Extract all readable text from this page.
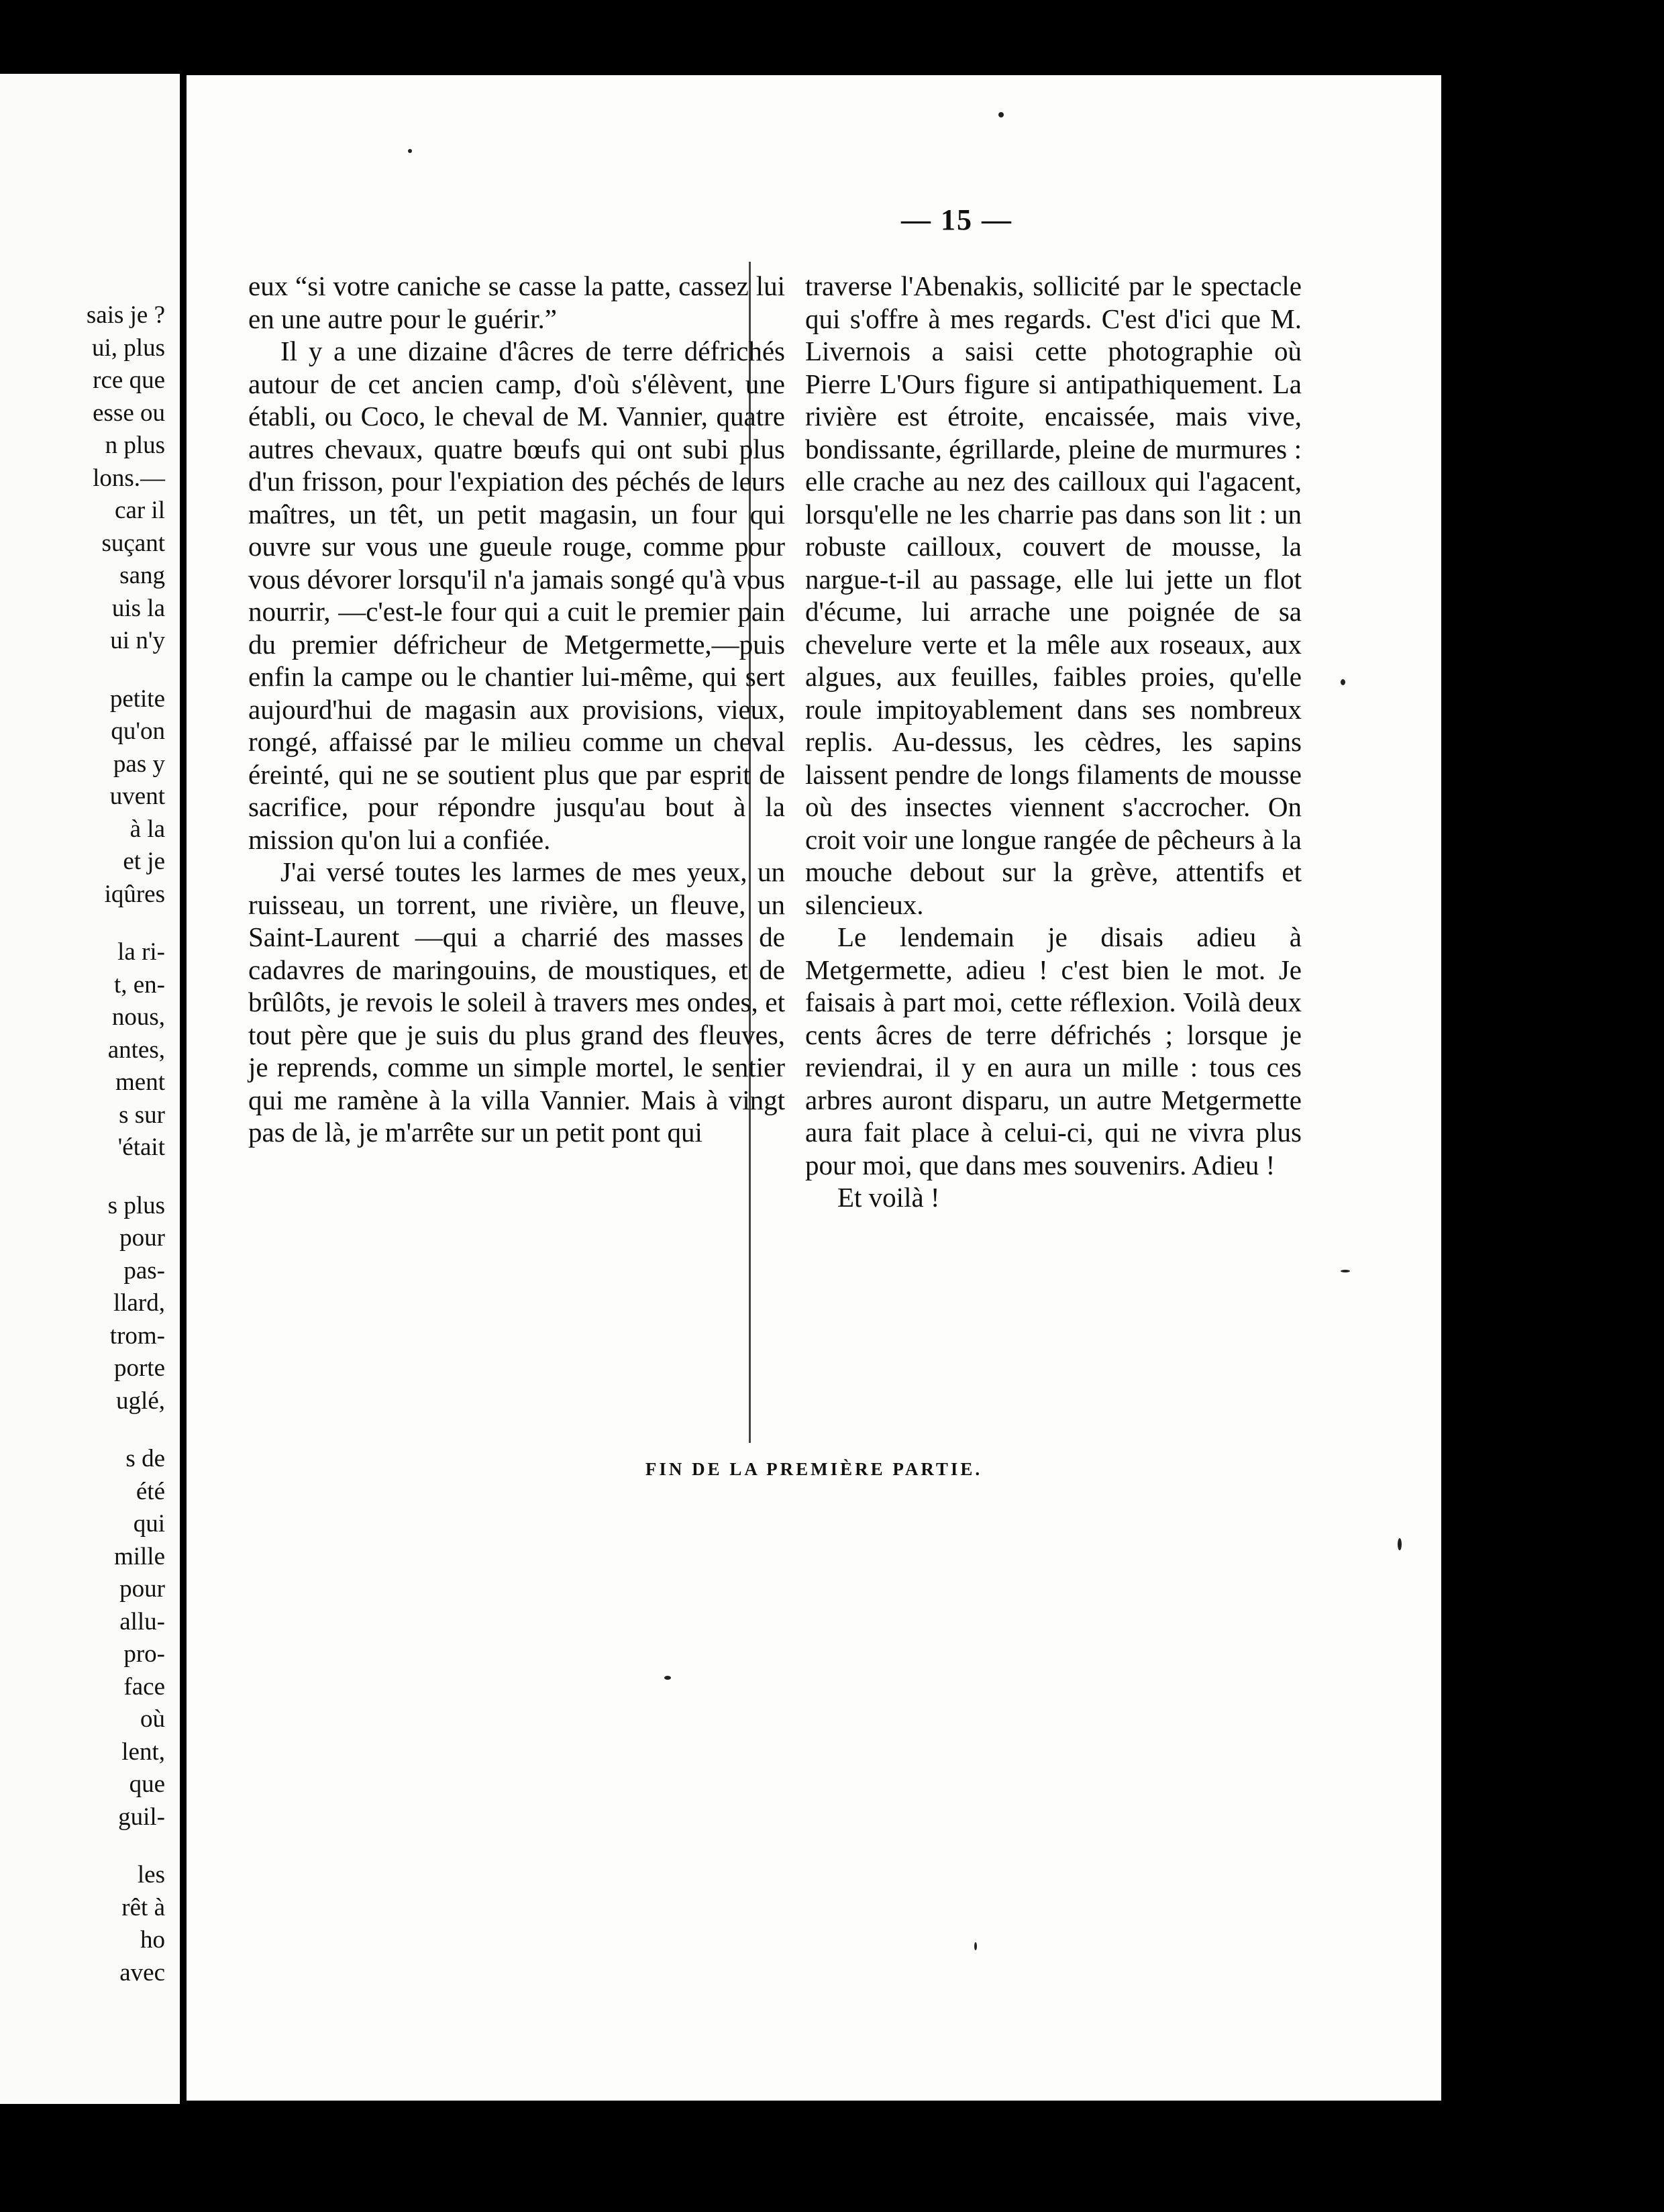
sais je ?
ui, plus
rce que
esse ou
n plus
lons.—
car il
suçant
sang
uis la
ui n'y
petite
qu'on
pas y
uvent
à la
et je
iqûres
la ri-
t, en-
nous,
antes,
ment
s sur
'était
s plus
pour
pas-
llard,
trom-
porte
uglé,
s de
été
qui
mille
pour
allu-
pro-
face
où
lent,
que
guil-
les
rêt à
ho
avec
— 15 —

eux “si votre caniche se casse la patte, cassez lui en une autre pour le guérir.”

Il y a une dizaine d'âcres de terre défrichés autour de cet ancien camp, d'où s'élèvent, une établi, ou Coco, le cheval de M. Vannier, quatre autres chevaux, quatre bœufs qui ont subi plus d'un frisson, pour l'expiation des péchés de leurs maîtres, un têt, un petit magasin, un four qui ouvre sur vous une gueule rouge, comme pour vous dévorer lorsqu'il n'a jamais songé qu'à vous nourrir, —c'est-le four qui a cuit le premier pain du premier défricheur de Metgermette,—puis enfin la campe ou le chantier lui-même, qui sert aujourd'hui de magasin aux provisions, vieux, rongé, affaissé par le milieu comme un cheval éreinté, qui ne se soutient plus que par esprit de sacrifice, pour répondre jusqu'au bout à la mission qu'on lui a confiée.

J'ai versé toutes les larmes de mes yeux, un ruisseau, un torrent, une rivière, un fleuve, un Saint-Laurent —qui a charrié des masses de cadavres de maringouins, de moustiques, et de brûlôts, je revois le soleil à travers mes ondes, et tout père que je suis du plus grand des fleuves, je reprends, comme un simple mortel, le sentier qui me ramène à la villa Vannier. Mais à vingt pas de là, je m'arrête sur un petit pont qui

traverse l'Abenakis, sollicité par le spectacle qui s'offre à mes regards. C'est d'ici que M. Livernois a saisi cette photographie où Pierre L'Ours figure si antipathiquement. La rivière est étroite, encaissée, mais vive, bondissante, égrillarde, pleine de murmures : elle crache au nez des cailloux qui l'agacent, lorsqu'elle ne les charrie pas dans son lit : un robuste cailloux, couvert de mousse, la nargue-t-il au passage, elle lui jette un flot d'écume, lui arrache une poignée de sa chevelure verte et la mêle aux roseaux, aux algues, aux feuilles, faibles proies, qu'elle roule impitoyablement dans ses nombreux replis. Au-dessus, les cèdres, les sapins laissent pendre de longs filaments de mousse où des insectes viennent s'accrocher. On croit voir une longue rangée de pêcheurs à la mouche debout sur la grève, attentifs et silencieux.

Le lendemain je disais adieu à Metgermette, adieu ! c'est bien le mot. Je faisais à part moi, cette réflexion. Voilà deux cents âcres de terre défrichés ; lorsque je reviendrai, il y en aura un mille : tous ces arbres auront disparu, un autre Metgermette aura fait place à celui-ci, qui ne vivra plus pour moi, que dans mes souvenirs. Adieu !

Et voilà !

FIN DE LA PREMIÈRE PARTIE.
